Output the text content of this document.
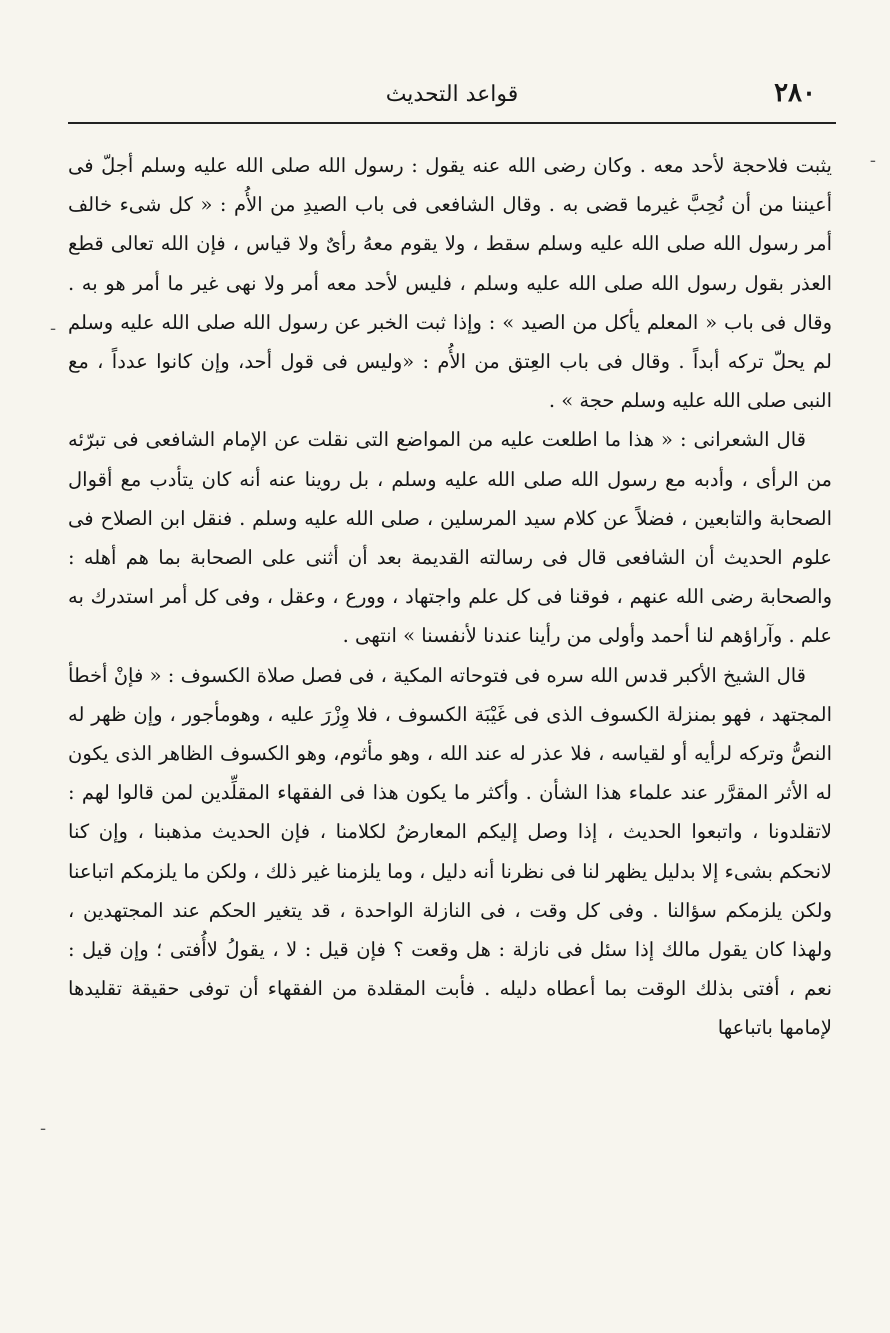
٢٨٠
قواعد التحديث

يثبت فلاحجة لأحد معه . وكان رضى الله عنه يقول : رسول الله صلى الله عليه وسلم أجلّ فى أعيننا من أن نُحِبَّ غيرما قضى به . وقال الشافعى فى باب الصيدِ من الأُم : « كل شىء خالف أمر رسول الله صلى الله عليه وسلم سقط ، ولا يقوم معهُ رأىٌ ولا قياس ، فإن الله تعالى قطع العذر بقول رسول الله صلى الله عليه وسلم ، فليس لأحد معه أمر ولا نهى غير ما أمر هو به . وقال فى باب « المعلم يأكل من الصيد » : وإذا ثبت الخبر عن رسول الله صلى الله عليه وسلم لم يحلّ تركه أبداً . وقال فى باب العِتق من الأُم : «وليس فى قول أحد، وإن كانوا عدداً ، مع النبى صلى الله عليه وسلم حجة » .

قال الشعرانى : « هذا ما اطلعت عليه من المواضع التى نقلت عن الإمام الشافعى فى تبرّئه من الرأى ، وأدبه مع رسول الله صلى الله عليه وسلم ، بل روينا عنه أنه كان يتأدب مع أقوال الصحابة والتابعين ، فضلاً عن كلام سيد المرسلين ، صلى الله عليه وسلم . فنقل ابن الصلاح فى علوم الحديث أن الشافعى قال فى رسالته القديمة بعد أن أثنى على الصحابة بما هم أهله : والصحابة رضى الله عنهم ، فوقنا فى كل علم واجتهاد ، وورع ، وعقل ، وفى كل أمر استدرك به علم . وآراؤهم لنا أحمد وأولى من رأينا عندنا لأنفسنا » انتهى .

قال الشيخ الأكبر قدس الله سره فى فتوحاته المكية ، فى فصل صلاة الكسوف : « فإنْ أخطأ المجتهد ، فهو بمنزلة الكسوف الذى فى غَيْبَة الكسوف ، فلا وِزْرَ عليه ، وهومأجور ، وإن ظهر له النصُّ وتركه لرأيه أو لقياسه ، فلا عذر له عند الله ، وهو مأثوم، وهو الكسوف الظاهر الذى يكون له الأثر المقرَّر عند علماء هذا الشأن . وأكثر ما يكون هذا فى الفقهاء المقلِّدين لمن قالوا لهم : لاتقلدونا ، واتبعوا الحديث ، إذا وصل إليكم المعارضُ لكلامنا ، فإن الحديث مذهبنا ، وإن كنا لانحكم بشىء إلا بدليل يظهر لنا فى نظرنا أنه دليل ، وما يلزمنا غير ذلك ، ولكن ما يلزمكم اتباعنا ولكن يلزمكم سؤالنا . وفى كل وقت ، فى النازلة الواحدة ، قد يتغير الحكم عند المجتهدين ، ولهذا كان يقول مالك إذا سئل فى نازلة : هل وقعت ؟ فإن قيل : لا ، يقولُ لاأُفتى ؛ وإن قيل : نعم ، أفتى بذلك الوقت بما أعطاه دليله . فأبت المقلدة من الفقهاء أن توفى حقيقة تقليدها لإمامها باتباعها

-
-
-
